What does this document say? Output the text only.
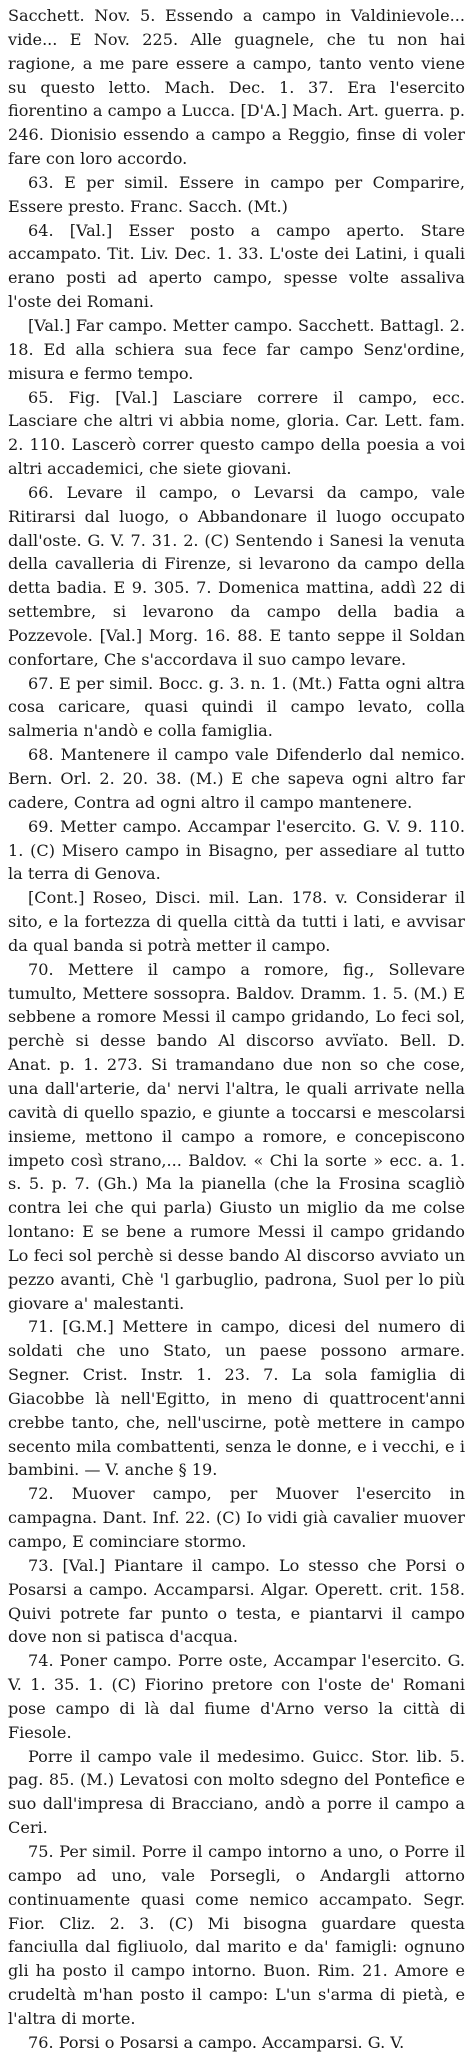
Sacchett. Nov. 5. Essendo a campo in Valdinievole... vide... E Nov. 225. Alle guagnele, che tu non hai ragione, a me pare essere a campo, tanto vento viene su questo letto. Mach. Dec. 1. 37. Era l'esercito fiorentino a campo a Lucca. [D'A.] Mach. Art. guerra. p. 246. Dionisio essendo a campo a Reggio, finse di voler fare con loro accordo.

63. E per simil. Essere in campo per Comparire, Essere presto. Franc. Sacch. (Mt.)

64. [Val.] Esser posto a campo aperto. Stare accampato. Tit. Liv. Dec. 1. 33. L'oste dei Latini, i quali erano posti ad aperto campo, spesse volte assaliva l'oste dei Romani.

[Val.] Far campo. Metter campo. Sacchett. Battagl. 2. 18. Ed alla schiera sua fece far campo Senz'ordine, misura e fermo tempo.

65. Fig. [Val.] Lasciare correre il campo, ecc. Lasciare che altri vi abbia nome, gloria. Car. Lett. fam. 2. 110. Lascerò correr questo campo della poesia a voi altri accademici, che siete giovani.

66. Levare il campo, o Levarsi da campo, vale Ritirarsi dal luogo, o Abbandonare il luogo occupato dall'oste. G. V. 7. 31. 2. (C) Sentendo i Sanesi la venuta della cavalleria di Firenze, si levarono da campo della detta badia. E 9. 305. 7. Domenica mattina, addì 22 di settembre, si levarono da campo della badia a Pozzevole. [Val.] Morg. 16. 88. E tanto seppe il Soldan confortare, Che s'accordava il suo campo levare.

67. E per simil. Bocc. g. 3. n. 1. (Mt.) Fatta ogni altra cosa caricare, quasi quindi il campo levato, colla salmeria n'andò e colla famiglia.

68. Mantenere il campo vale Difenderlo dal nemico. Bern. Orl. 2. 20. 38. (M.) E che sapeva ogni altro far cadere, Contra ad ogni altro il campo mantenere.

69. Metter campo. Accampar l'esercito. G. V. 9. 110. 1. (C) Misero campo in Bisagno, per assediare al tutto la terra di Genova.

[Cont.] Roseo, Disci. mil. Lan. 178. v. Considerar il sito, e la fortezza di quella città da tutti i lati, e avvisar da qual banda si potrà metter il campo.

70. Mettere il campo a romore, fig., Sollevare tumulto, Mettere sossopra. Baldov. Dramm. 1. 5. (M.) E sebbene a romore Messi il campo gridando, Lo feci sol, perchè si desse bando Al discorso avvïato. Bell. D. Anat. p. 1. 273. Si tramandano due non so che cose, una dall'arterie, da' nervi l'altra, le quali arrivate nella cavità di quello spazio, e giunte a toccarsi e mescolarsi insieme, mettono il campo a romore, e concepiscono impeto così strano,... Baldov. « Chi la sorte » ecc. a. 1. s. 5. p. 7. (Gh.) Ma la pianella (che la Frosina scagliò contra lei che qui parla) Giusto un miglio da me colse lontano: E se bene a rumore Messi il campo gridando Lo feci sol perchè si desse bando Al discorso avviato un pezzo avanti, Chè 'l garbuglio, padrona, Suol per lo più giovare a' malestanti.

71. [G.M.] Mettere in campo, dicesi del numero di soldati che uno Stato, un paese possono armare. Segner. Crist. Instr. 1. 23. 7. La sola famiglia di Giacobbe là nell'Egitto, in meno di quattrocent'anni crebbe tanto, che, nell'uscirne, potè mettere in campo secento mila combattenti, senza le donne, e i vecchi, e i bambini. — V. anche § 19.

72. Muover campo, per Muover l'esercito in campagna. Dant. Inf. 22. (C) Io vidi già cavalier muover campo, E cominciare stormo.

73. [Val.] Piantare il campo. Lo stesso che Porsi o Posarsi a campo. Accamparsi. Algar. Operett. crit. 158. Quivi potrete far punto o testa, e piantarvi il campo dove non si patisca d'acqua.

74. Poner campo. Porre oste, Accampar l'esercito. G. V. 1. 35. 1. (C) Fiorino pretore con l'oste de' Romani pose campo di là dal fiume d'Arno verso la città di Fiesole.

Porre il campo vale il medesimo. Guicc. Stor. lib. 5. pag. 85. (M.) Levatosi con molto sdegno del Pontefice e suo dall'impresa di Bracciano, andò a porre il campo a Ceri.

75. Per simil. Porre il campo intorno a uno, o Porre il campo ad uno, vale Porsegli, o Andargli attorno continuamente quasi come nemico accampato. Segr. Fior. Cliz. 2. 3. (C) Mi bisogna guardare questa fanciulla dal figliuolo, dal marito e da' famigli: ognuno gli ha posto il campo intorno. Buon. Rim. 21. Amore e crudeltà m'han posto il campo: L'un s'arma di pietà, e l'altra di morte.

76. Porsi o Posarsi a campo. Accamparsi. G. V.
